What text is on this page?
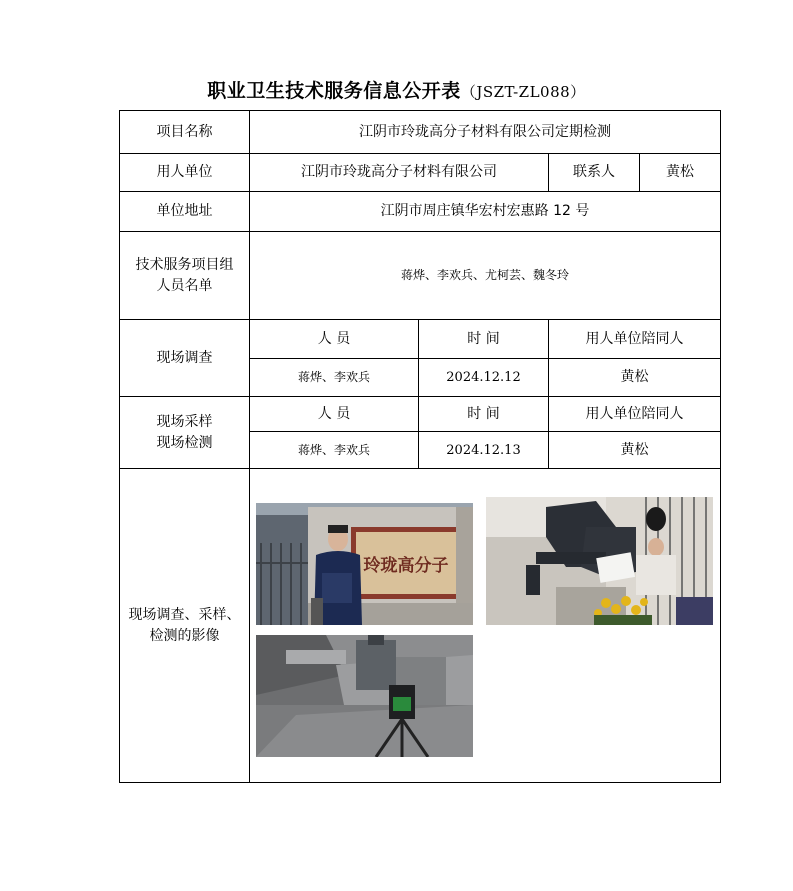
职业卫生技术服务信息公开表（JSZT-ZL088）
项目名称	江阴市玲珑高分子材料有限公司定期检测			
用人单位	江阴市玲珑高分子材料有限公司		联系人	黄松
单位地址	江阴市周庄镇华宏村宏惠路 12 号			

技术服务项目组
人员名单	蒋烨、李欢兵、尤柯芸、魏冬玲			
现场调查	人 员	时 间	用人单位陪同人	
	蒋烨、李欢兵	2024.12.12	黄松	

现场采样
现场检测	人 员	时 间	用人单位陪同人	
	蒋烨、李欢兵	2024.12.13	黄松	

现场调查、采样、
检测的影像	玲珑高分子			
